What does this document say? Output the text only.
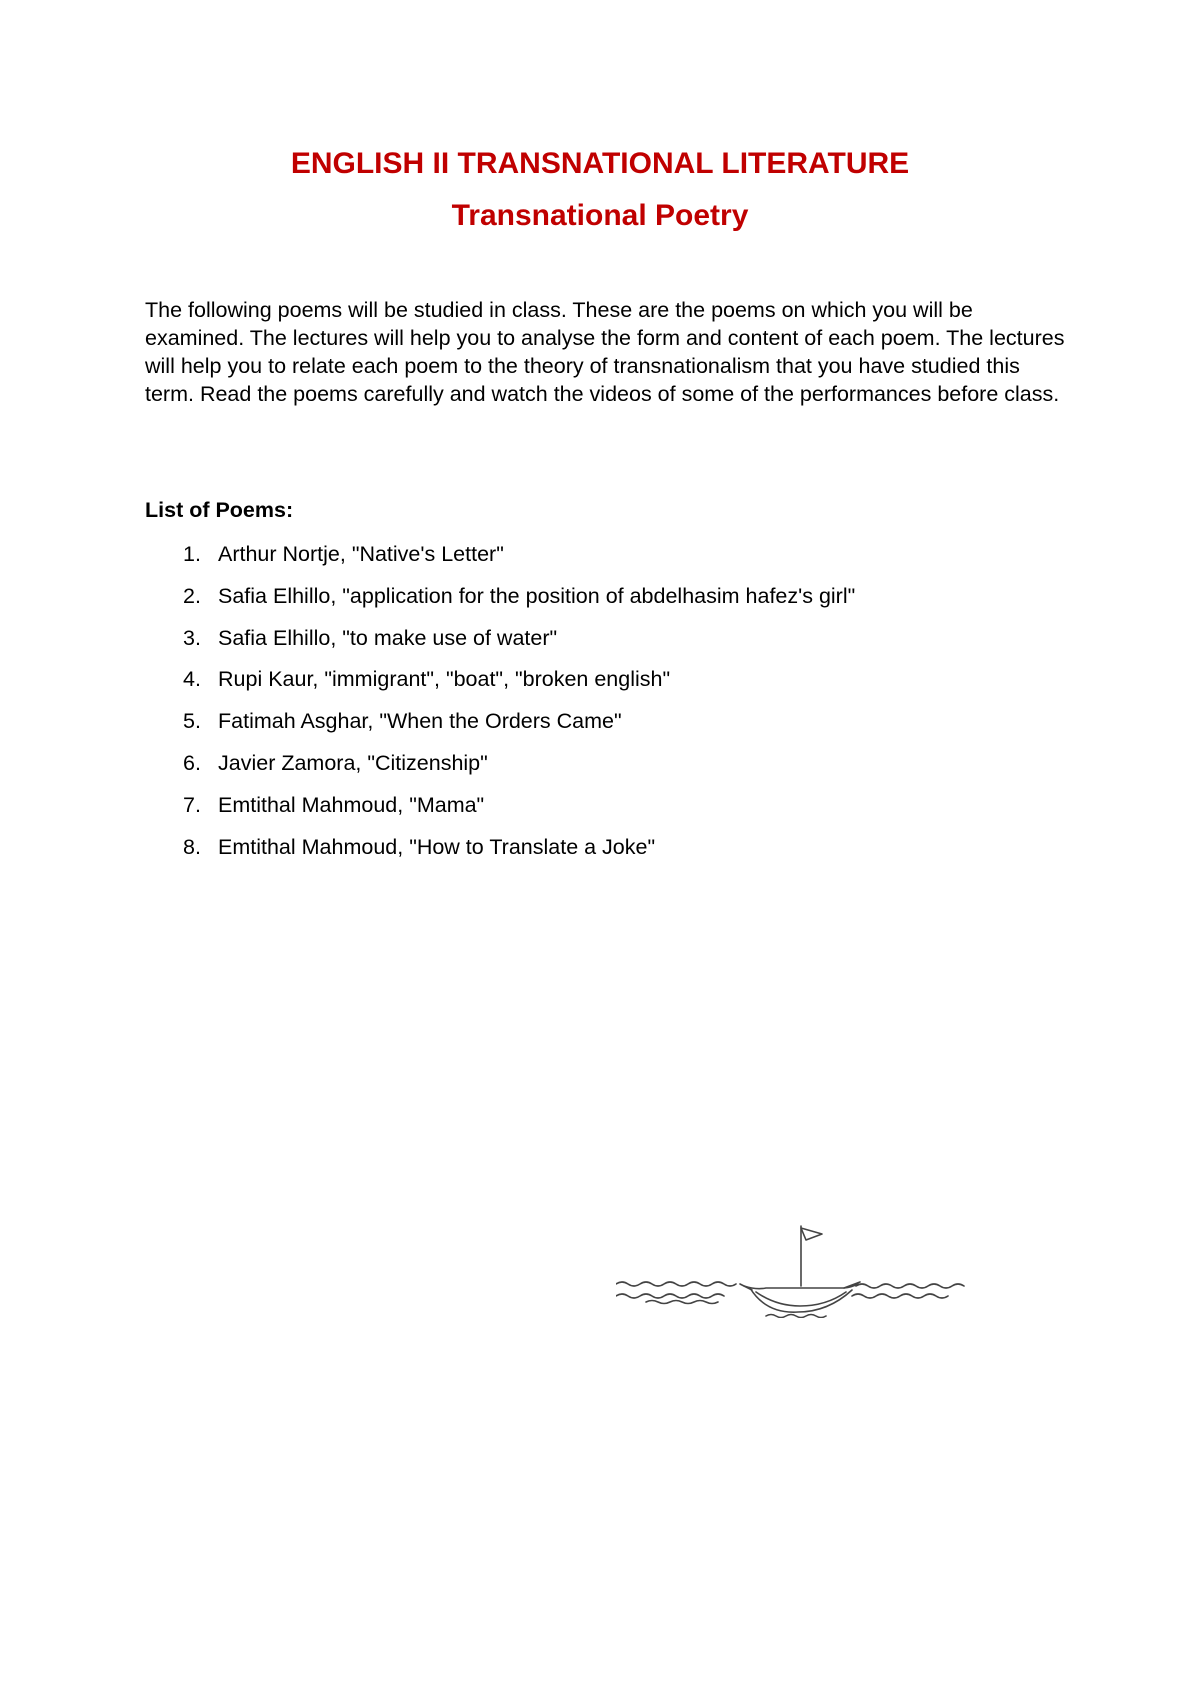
ENGLISH II TRANSNATIONAL LITERATURE
Transnational Poetry

The following poems will be studied in class. These are the poems on which you will be examined. The lectures will help you to analyse the form and content of each poem. The lectures will help you to relate each poem to the theory of transnationalism that you have studied this term. Read the poems carefully and watch the videos of some of the performances before class.

List of Poems:

1. Arthur Nortje, "Native's Letter"
2. Safia Elhillo, "application for the position of abdelhasim hafez's girl"
3. Safia Elhillo, "to make use of water"
4. Rupi Kaur, "immigrant", "boat", "broken english"
5. Fatimah Asghar, "When the Orders Came"
6. Javier Zamora, "Citizenship"
7. Emtithal Mahmoud, "Mama"
8. Emtithal Mahmoud, "How to Translate a Joke"
